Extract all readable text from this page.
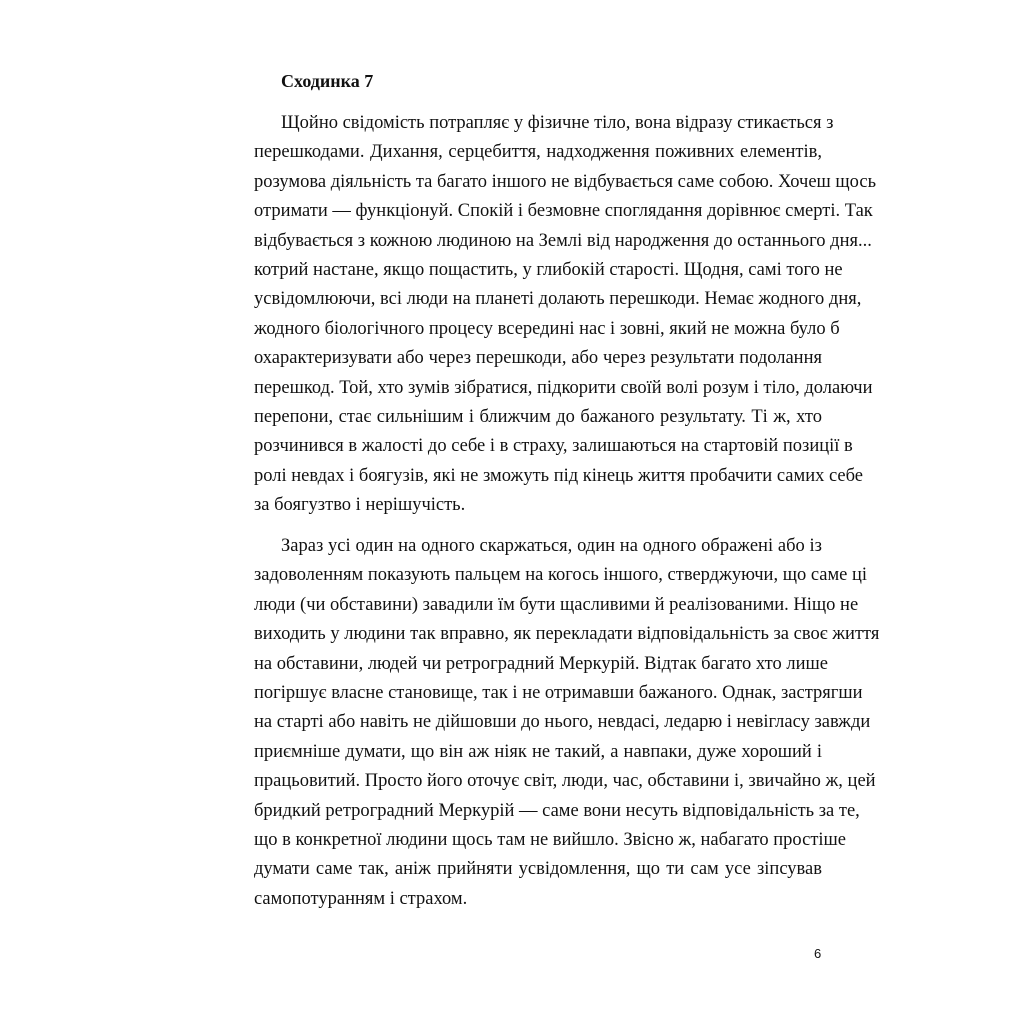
Сходинка 7
Щойно свідомість потрапляє у фізичне тіло, вона відразу стикається з
перешкодами. Дихання, серцебиття, надходження поживних елементів,
розумова діяльність та багато іншого не відбувається саме собою. Хочеш щось
отримати — функціонуй. Спокій і безмовне споглядання дорівнює смерті. Так
відбувається з кожною людиною на Землі від народження до останнього дня...
котрий настане, якщо пощастить, у глибокій старості. Щодня, самі того не
усвідомлюючи, всі люди на планеті долають перешкоди. Немає жодного дня,
жодного біологічного процесу всередині нас і зовні, який не можна було б
охарактеризувати або через перешкоди, або через результати подолання
перешкод. Той, хто зумів зібратися, підкорити своїй волі розум і тіло, долаючи
перепони, стає сильнішим і ближчим до бажаного результату. Ті ж, хто
розчинився в жалості до себе і в страху, залишаються на стартовій позиції в
ролі невдах і боягузів, які не зможуть під кінець життя пробачити самих себе
за боягузтво і нерішучість.
Зараз усі один на одного скаржаться, один на одного ображені або із
задоволенням показують пальцем на когось іншого, стверджуючи, що саме ці
люди (чи обставини) завадили їм бути щасливими й реалізованими. Ніщо не
виходить у людини так вправно, як перекладати відповідальність за своє життя
на обставини, людей чи ретроградний Меркурій. Відтак багато хто лише
погіршує власне становище, так і не отримавши бажаного. Однак, застрягши
на старті або навіть не дійшовши до нього, невдасі, ледарю і невігласу завжди
приємніше думати, що він аж ніяк не такий, а навпаки, дуже хороший і
працьовитий. Просто його оточує світ, люди, час, обставини і, звичайно ж, цей
бридкий ретроградний Меркурій — саме вони несуть відповідальність за те,
що в конкретної людини щось там не вийшло. Звісно ж, набагато простіше
думати саме так, аніж прийняти усвідомлення, що ти сам усе зіпсував
самопотуранням і страхом.
6
